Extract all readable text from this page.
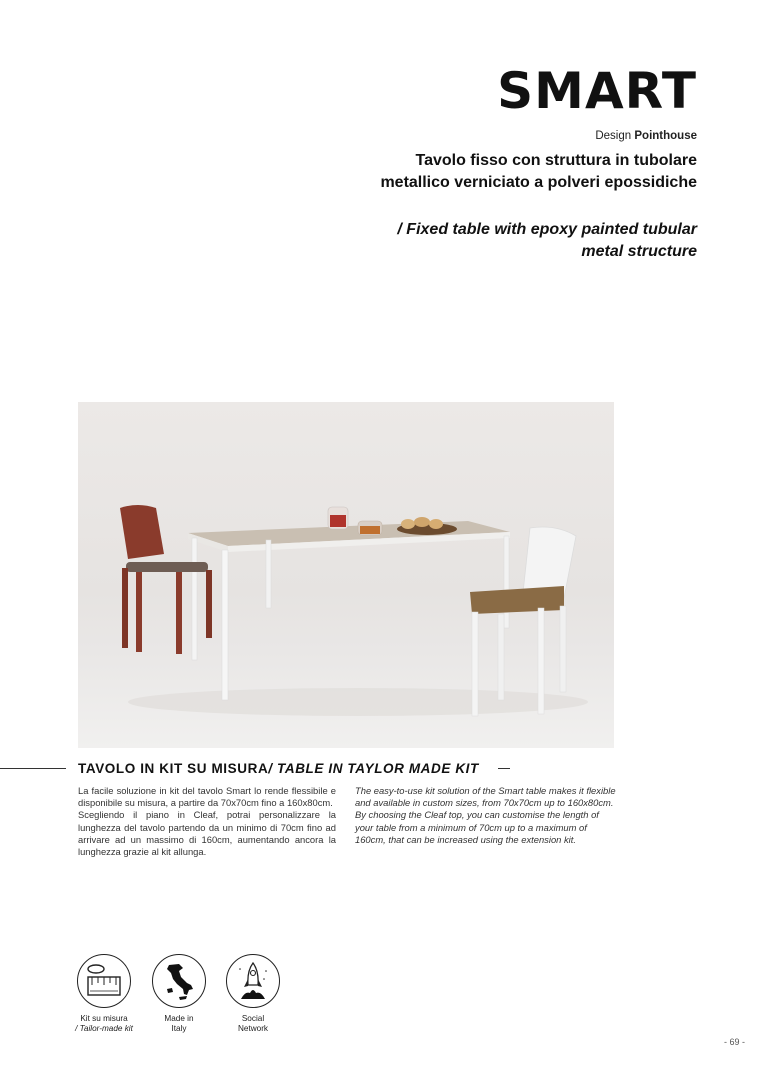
SMART
Design Pointhouse
Tavolo fisso con struttura in tubolare metallico verniciato a polveri epossidiche
/ Fixed table with epoxy painted tubular metal structure
TAVOLO IN KIT SU MISURA/ TABLE IN TAYLOR MADE KIT

La facile soluzione in kit del tavolo Smart lo rende flessibile e disponibile su misura, a partire da 70x70cm fino a 160x80cm.

Scegliendo il piano in Cleaf, potrai personalizzare la lunghezza del tavolo partendo da un minimo di 70cm fino ad arrivare ad un massimo di 160cm, aumentando ancora la lunghezza grazie al kit allunga.

The easy-to-use kit solution of the Smart table makes it flexible and available in custom sizes, from 70x70cm up to 160x80cm.

By choosing the Cleaf top, you can customise the length of your table from a minimum of 70cm up to a maximum of 160cm, that can be increased using the extension kit.

Kit su misura
/ Tailor-made kit
Made in
Italy
Social
Network
- 69 -
